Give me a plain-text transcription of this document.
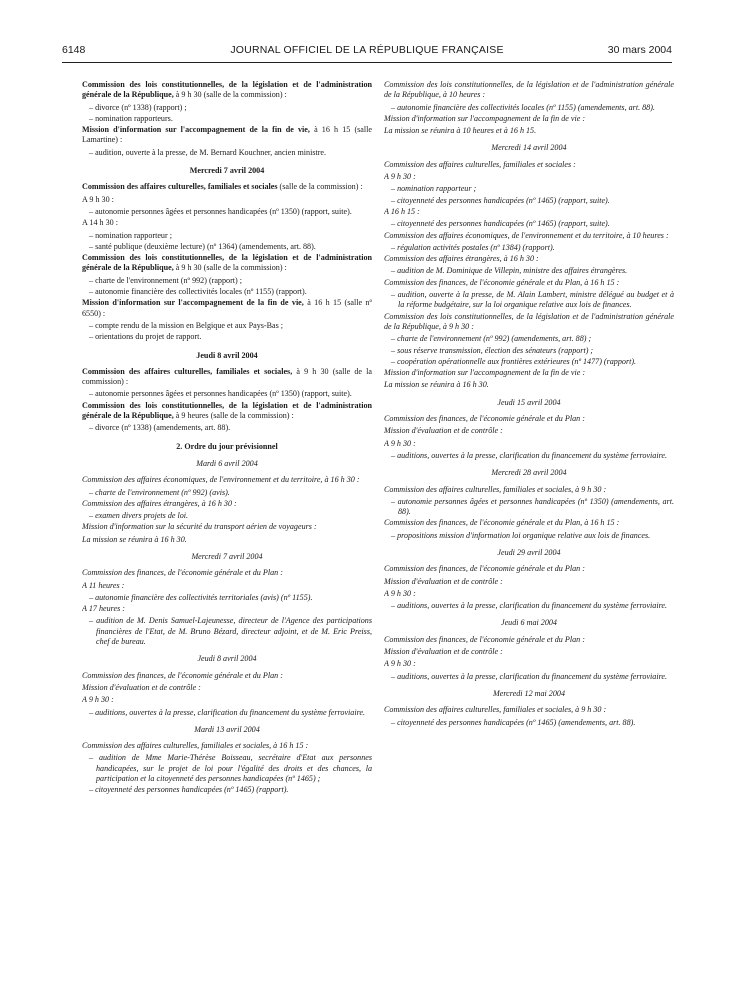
6148	JOURNAL OFFICIEL DE LA RÉPUBLIQUE FRANÇAISE	30 mars 2004

Commission des lois constitutionnelles, de la législation et de l'administration générale de la République, à 9 h 30 (salle de la commission) :

– divorce (nº 1338) (rapport) ;

– nomination rapporteurs.

Mission d'information sur l'accompagnement de la fin de vie, à 16 h 15 (salle Lamartine) :

– audition, ouverte à la presse, de M. Bernard Kouchner, ancien ministre.

Mercredi 7 avril 2004

Commission des affaires culturelles, familiales et sociales (salle de la commission) :

A 9 h 30 :

– autonomie personnes âgées et personnes handicapées (nº 1350) (rapport, suite).

A 14 h 30 :

– nomination rapporteur ;

– santé publique (deuxième lecture) (nº 1364) (amendements, art. 88).

Commission des lois constitutionnelles, de la législation et de l'administration générale de la République, à 9 h 30 (salle de la commission) :

– charte de l'environnement (nº 992) (rapport) ;

– autonomie financière des collectivités locales (nº 1155) (rapport).

Mission d'information sur l'accompagnement de la fin de vie, à 16 h 15 (salle nº 6550) :

– compte rendu de la mission en Belgique et aux Pays-Bas ;

– orientations du projet de rapport.

Jeudi 8 avril 2004

Commission des affaires culturelles, familiales et sociales, à 9 h 30 (salle de la commission) :

– autonomie personnes âgées et personnes handicapées (nº 1350) (rapport, suite).

Commission des lois constitutionnelles, de la législation et de l'administration générale de la République, à 9 heures (salle de la commission) :

– divorce (nº 1338) (amendements, art. 88).

2. Ordre du jour prévisionnel

Mardi 6 avril 2004

Commission des affaires économiques, de l'environnement et du territoire, à 16 h 30 :

– charte de l'environnement (nº 992) (avis).

Commission des affaires étrangères, à 16 h 30 :

– examen divers projets de loi.

Mission d'information sur la sécurité du transport aérien de voyageurs :

La mission se réunira à 16 h 30.

Mercredi 7 avril 2004

Commission des finances, de l'économie générale et du Plan :

A 11 heures :

– autonomie financière des collectivités territoriales (avis) (nº 1155).

A 17 heures :

– audition de M. Denis Samuel-Lajeunesse, directeur de l'Agence des participations financières de l'Etat, de M. Bruno Bézard, directeur adjoint, et de M. Eric Preiss, chef de bureau.

Jeudi 8 avril 2004

Commission des finances, de l'économie générale et du Plan :

Mission d'évaluation et de contrôle :

A 9 h 30 :

– auditions, ouvertes à la presse, clarification du financement du système ferroviaire.

Mardi 13 avril 2004

Commission des affaires culturelles, familiales et sociales, à 16 h 15 :

– audition de Mme Marie-Thérèse Boisseau, secrétaire d'Etat aux personnes handicapées, sur le projet de loi pour l'égalité des droits et des chances, la participation et la citoyenneté des personnes handicapées (nº 1465) ;

– citoyenneté des personnes handicapées (nº 1465) (rapport).

Commission des lois constitutionnelles, de la législation et de l'administration générale de la République, à 10 heures :

– autonomie financière des collectivités locales (nº 1155) (amendements, art. 88).

Mission d'information sur l'accompagnement de la fin de vie :

La mission se réunira à 10 heures et à 16 h 15.

Mercredi 14 avril 2004

Commission des affaires culturelles, familiales et sociales :

A 9 h 30 :

– nomination rapporteur ;

– citoyenneté des personnes handicapées (nº 1465) (rapport, suite).

A 16 h 15 :

– citoyenneté des personnes handicapées (nº 1465) (rapport, suite).

Commission des affaires économiques, de l'environnement et du territoire, à 10 heures :

– régulation activités postales (nº 1384) (rapport).

Commission des affaires étrangères, à 16 h 30 :

– audition de M. Dominique de Villepin, ministre des affaires étrangères.

Commission des finances, de l'économie générale et du Plan, à 16 h 15 :

– audition, ouverte à la presse, de M. Alain Lambert, ministre délégué au budget et à la réforme budgétaire, sur la loi organique relative aux lois de finances.

Commission des lois constitutionnelles, de la législation et de l'administration générale de la République, à 9 h 30 :

– charte de l'environnement (nº 992) (amendements, art. 88) ;

– sous réserve transmission, élection des sénateurs (rapport) ;

– coopération opérationnelle aux frontières extérieures (nº 1477) (rapport).

Mission d'information sur l'accompagnement de la fin de vie :

La mission se réunira à 16 h 30.

Jeudi 15 avril 2004

Commission des finances, de l'économie générale et du Plan :

Mission d'évaluation et de contrôle :

A 9 h 30 :

– auditions, ouvertes à la presse, clarification du financement du système ferroviaire.

Mercredi 28 avril 2004

Commission des affaires culturelles, familiales et sociales, à 9 h 30 :

– autonomie personnes âgées et personnes handicapées (nº 1350) (amendements, art. 88).

Commission des finances, de l'économie générale et du Plan, à 16 h 15 :

– propositions mission d'information loi organique relative aux lois de finances.

Jeudi 29 avril 2004

Commission des finances, de l'économie générale et du Plan :

Mission d'évaluation et de contrôle :

A 9 h 30 :

– auditions, ouvertes à la presse, clarification du financement du système ferroviaire.

Jeudi 6 mai 2004

Commission des finances, de l'économie générale et du Plan :

Mission d'évaluation et de contrôle :

A 9 h 30 :

– auditions, ouvertes à la presse, clarification du financement du système ferroviaire.

Mercredi 12 mai 2004

Commission des affaires culturelles, familiales et sociales, à 9 h 30 :

– citoyenneté des personnes handicapées (nº 1465) (amendements, art. 88).
